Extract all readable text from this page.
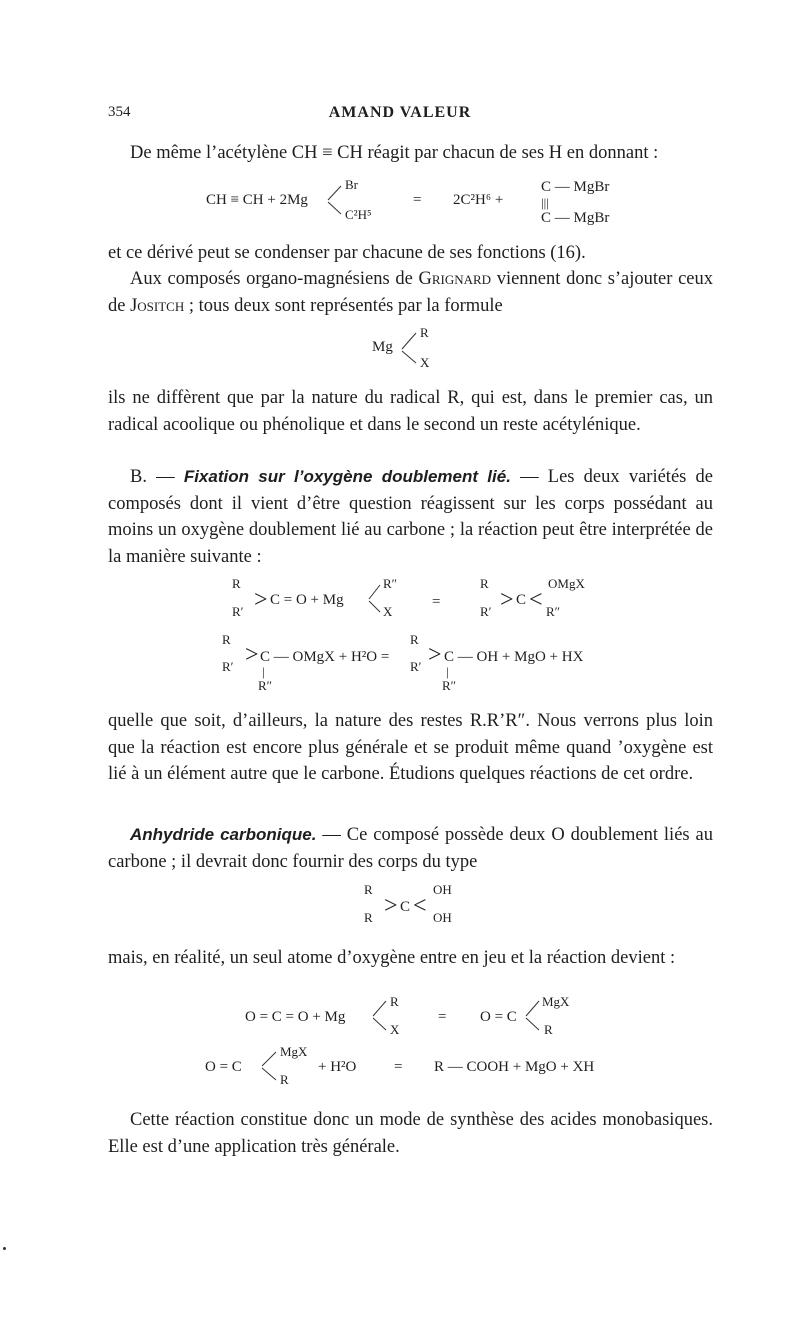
354	AMAND VALEUR
De même l’acétylène CH ≡ CH réagit par chacun de ses H en donnant :
CH ≡ CH + 2Mg
Br
C²H⁵
= 2C²H⁶ +
C — MgBr
|||
C — MgBr
et ce dérivé peut se condenser par chacune de ses fonctions (16).
Aux composés organo-magnésiens de Grignard viennent donc s’ajouter ceux de Jositch ; tous deux sont représentés par la formule
Mg
R
X
ils ne diffèrent que par la nature du radical R, qui est, dans le premier cas, un radical acoolique ou phénolique et dans le second un reste acétylénique.
B. — Fixation sur l’oxygène doublement lié. — Les deux variétés de composés dont il vient d’être question réagissent sur les corps possédant au moins un oxygène doublement lié au carbone ; la réaction peut être interprétée de la manière suivante :
R
R′ > C = O + Mg
R″
X
=
R
R′ > C <
OMgX
R″
R
R′ > C — OMgX + H²O =
|
R″
R
R′ > C — OH + MgO + HX
|
R″
quelle que soit, d’ailleurs, la nature des restes R.R’R″. Nous verrons plus loin que la réaction est encore plus générale et se produit même quand ’oxygène est lié à un élément autre que le carbone. Étudions quelques réactions de cet ordre.
Anhydride carbonique. — Ce composé possède deux O doublement liés au carbone ; il devrait donc fournir des corps du type
R
R > C <
OH
OH
mais, en réalité, un seul atome d’oxygène entre en jeu et la réaction devient :
O = C = O + Mg
R
X
= O = C
MgX
R
O = C
MgX
R
+ H²O	= R — COOH + MgO + XH
Cette réaction constitue donc un mode de synthèse des acides monobasiques. Elle est d’une application très générale.
